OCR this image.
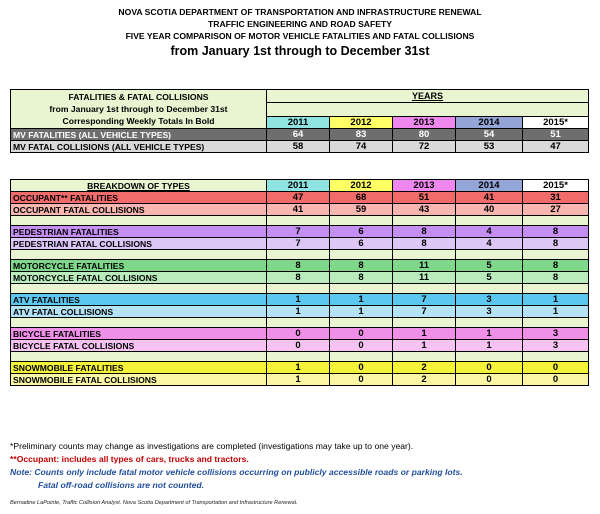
NOVA SCOTIA DEPARTMENT OF TRANSPORTATION AND INFRASTRUCTURE RENEWAL
TRAFFIC ENGINEERING AND ROAD SAFETY
FIVE YEAR COMPARISON OF MOTOR VEHICLE FATALITIES AND FATAL COLLISIONS
from January 1st through to December 31st
FATALITIES & FATAL COLLISIONS
from January 1st through to December 31st
Corresponding Weekly Totals In Bold	YEARS				

	2011	2012	2013	2014	2015*
MV FATALITIES (ALL VEHICLE TYPES)	64	83	80	54	51
MV FATAL COLLISIONS (ALL VEHICLE TYPES)	58	74	72	53	47
BREAKDOWN OF TYPES	2011	2012	2013	2014	2015*
OCCUPANT** FATALITIES	47	68	51	41	31
OCCUPANT FATAL COLLISIONS	41	59	43	40	27

PEDESTRIAN FATALITIES	7	6	8	4	8
PEDESTRIAN FATAL COLLISIONS	7	6	8	4	8

MOTORCYCLE FATALITIES	8	8	11	5	8
MOTORCYCLE FATAL COLLISIONS	8	8	11	5	8

ATV FATALITIES	1	1	7	3	1
ATV FATAL COLLISIONS	1	1	7	3	1

BICYCLE FATALITIES	0	0	1	1	3
BICYCLE FATAL COLLISIONS	0	0	1	1	3

SNOWMOBILE FATALITIES	1	0	2	0	0
SNOWMOBILE FATAL COLLISIONS	1	0	2	0	0
*Preliminary counts may change as investigations are completed (investigations may take up to one year).
**Occupant: includes all types of cars, trucks and tractors.
Note: Counts only include fatal motor vehicle collisions occurring on publicly accessible roads or parking lots.
Fatal off-road collisions are not counted.
Bernadine LaPointe, Traffic Collision Analyst. Nova Scotia Department of Transportation and Infrastructure Renewal.
